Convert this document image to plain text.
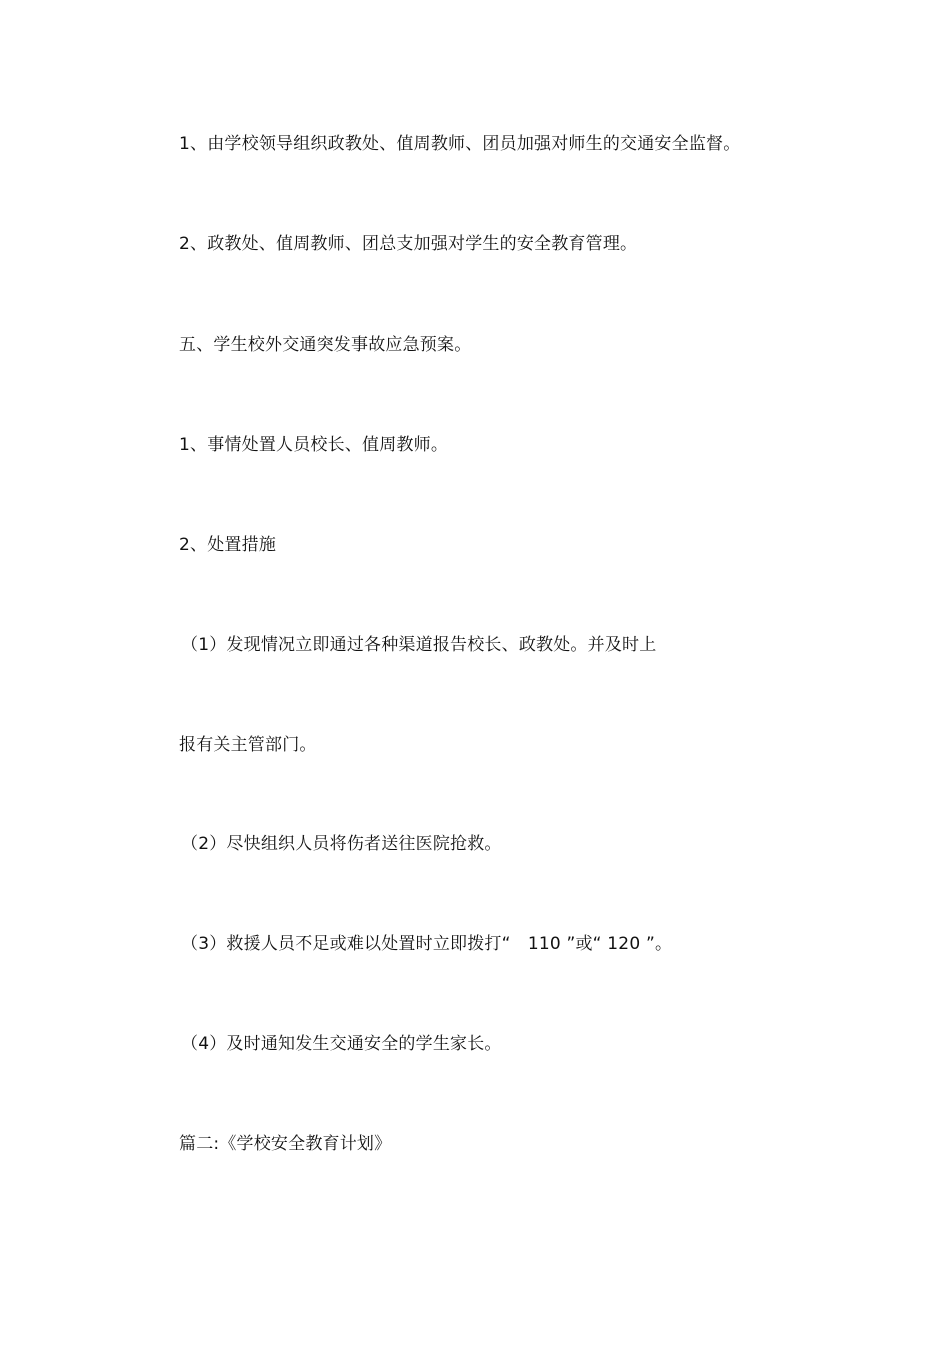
1、由学校领导组织政教处、值周教师、团员加强对师生的交通安全监督。
2、政教处、值周教师、团总支加强对学生的安全教育管理。
五、学生校外交通突发事故应急预案。
1、事情处置人员校长、值周教师。
2、处置措施
（1）发现情况立即通过各种渠道报告校长、政教处。并及时上
报有关主管部门。
（2）尽快组织人员将伤者送往医院抢救。
（3）救援人员不足或难以处置时立即拨打“　110 ”或“ 120 ”。
（4）及时通知发生交通安全的学生家长。
篇二:《学校安全教育计划》
